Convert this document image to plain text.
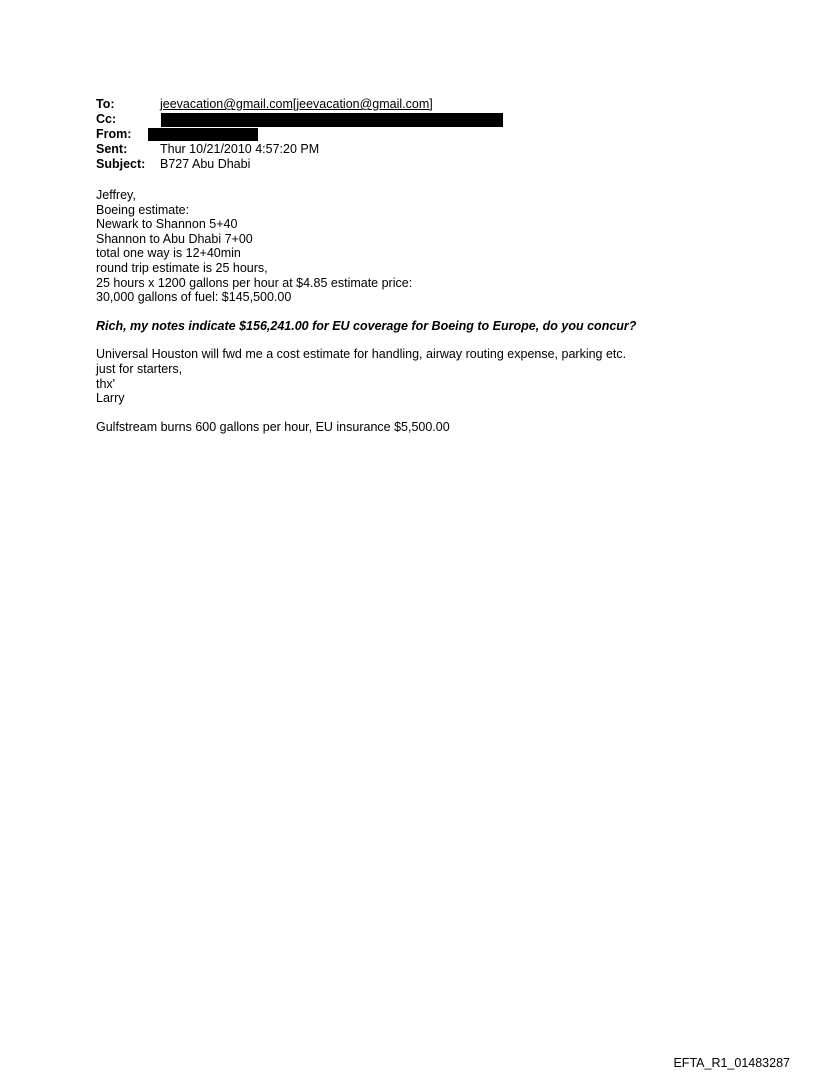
To:	jeevacation@gmail.com[jeevacation@gmail.com]
Cc:
From:
Sent:	Thur 10/21/2010 4:57:20 PM
Subject: B727 Abu Dhabi
Jeffrey,
Boeing estimate:
Newark to Shannon 5+40
Shannon to Abu Dhabi 7+00
total one way is 12+40min
round trip estimate is 25 hours,
25 hours x 1200 gallons per hour at $4.85 estimate price:
30,000 gallons of fuel: $145,500.00
Rich, my notes indicate $156,241.00 for EU coverage for Boeing to Europe, do you concur?
Universal Houston will fwd me a cost estimate for handling, airway routing expense, parking etc.
just for starters,
thx'
Larry
Gulfstream burns 600 gallons per hour, EU insurance $5,500.00
EFTA_R1_01483287
